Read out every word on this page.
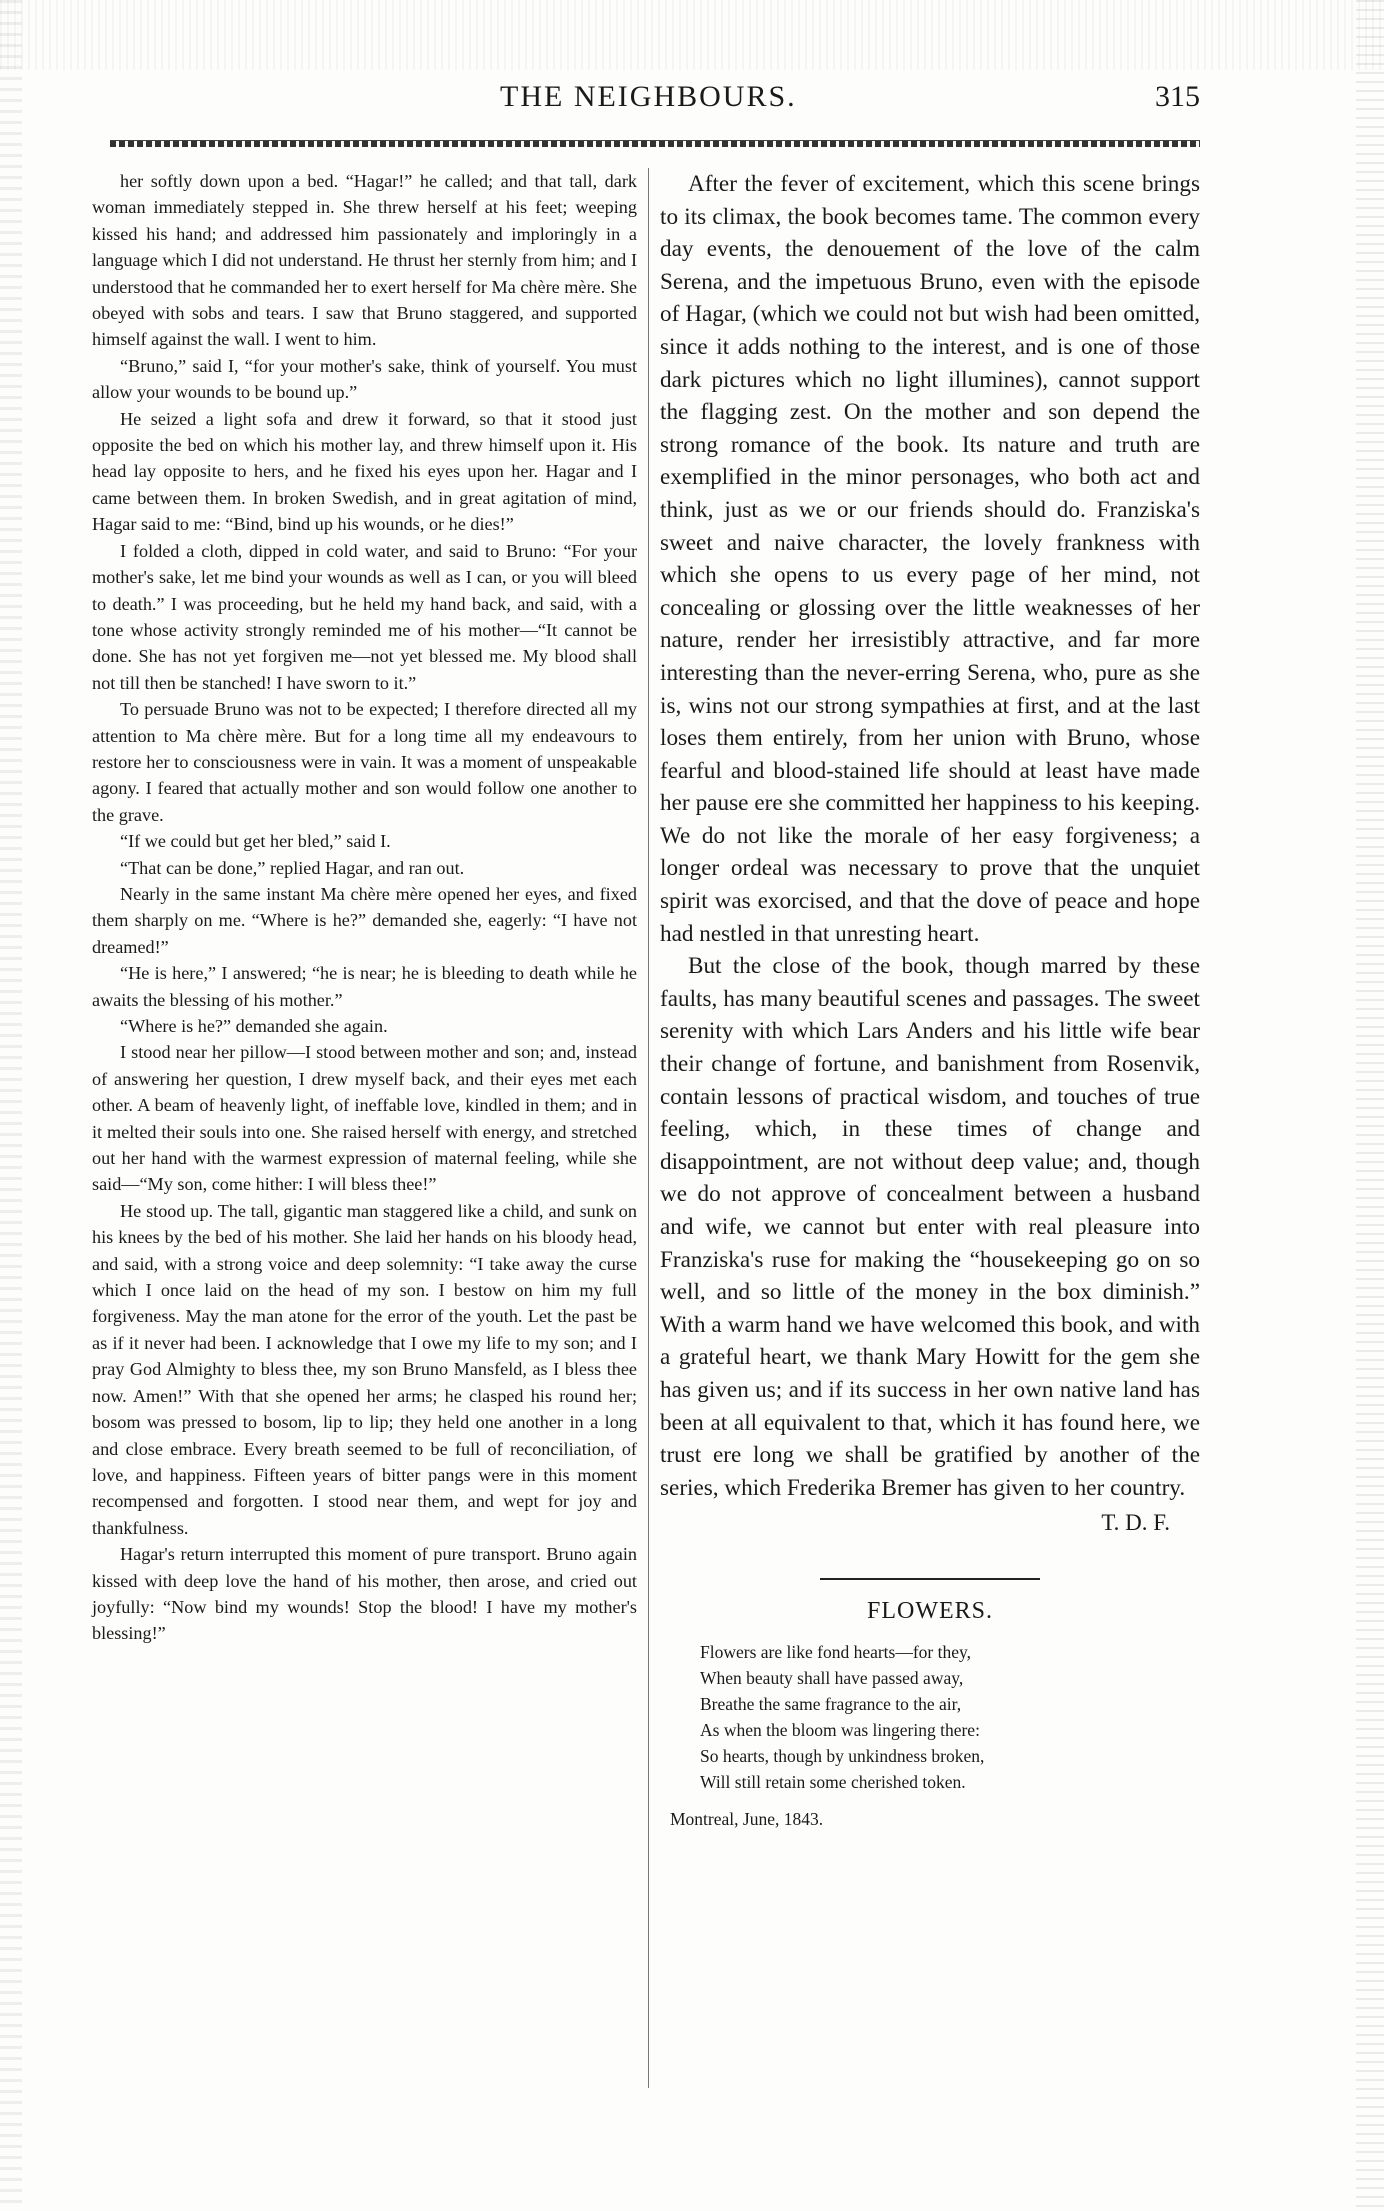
THE NEIGHBOURS.	315

her softly down upon a bed. “Hagar!” he called; and that tall, dark woman immediately stepped in. She threw herself at his feet; weeping kissed his hand; and addressed him passionately and imploringly in a language which I did not understand. He thrust her sternly from him; and I understood that he commanded her to exert herself for Ma chère mère. She obeyed with sobs and tears. I saw that Bruno staggered, and supported himself against the wall. I went to him.

“Bruno,” said I, “for your mother's sake, think of yourself. You must allow your wounds to be bound up.”

He seized a light sofa and drew it forward, so that it stood just opposite the bed on which his mother lay, and threw himself upon it. His head lay opposite to hers, and he fixed his eyes upon her. Hagar and I came between them. In broken Swedish, and in great agitation of mind, Hagar said to me: “Bind, bind up his wounds, or he dies!”

I folded a cloth, dipped in cold water, and said to Bruno: “For your mother's sake, let me bind your wounds as well as I can, or you will bleed to death.” I was proceeding, but he held my hand back, and said, with a tone whose activity strongly reminded me of his mother—“It cannot be done. She has not yet forgiven me—not yet blessed me. My blood shall not till then be stanched! I have sworn to it.”

To persuade Bruno was not to be expected; I therefore directed all my attention to Ma chère mère. But for a long time all my endeavours to restore her to consciousness were in vain. It was a moment of unspeakable agony. I feared that actually mother and son would follow one another to the grave.

“If we could but get her bled,” said I.

“That can be done,” replied Hagar, and ran out.

Nearly in the same instant Ma chère mère opened her eyes, and fixed them sharply on me. “Where is he?” demanded she, eagerly: “I have not dreamed!”

“He is here,” I answered; “he is near; he is bleeding to death while he awaits the blessing of his mother.”

“Where is he?” demanded she again.

I stood near her pillow—I stood between mother and son; and, instead of answering her question, I drew myself back, and their eyes met each other. A beam of heavenly light, of ineffable love, kindled in them; and in it melted their souls into one. She raised herself with energy, and stretched out her hand with the warmest expression of maternal feeling, while she said—“My son, come hither: I will bless thee!”

He stood up. The tall, gigantic man staggered like a child, and sunk on his knees by the bed of his mother. She laid her hands on his bloody head, and said, with a strong voice and deep solemnity: “I take away the curse which I once laid on the head of my son. I bestow on him my full forgiveness. May the man atone for the error of the youth. Let the past be as if it never had been. I acknowledge that I owe my life to my son; and I pray God Almighty to bless thee, my son Bruno Mansfeld, as I bless thee now. Amen!” With that she opened her arms; he clasped his round her; bosom was pressed to bosom, lip to lip; they held one another in a long and close embrace. Every breath seemed to be full of reconciliation, of love, and happiness. Fifteen years of bitter pangs were in this moment recompensed and forgotten. I stood near them, and wept for joy and thankfulness.

Hagar's return interrupted this moment of pure transport. Bruno again kissed with deep love the hand of his mother, then arose, and cried out joyfully: “Now bind my wounds! Stop the blood! I have my mother's blessing!”

After the fever of excitement, which this scene brings to its climax, the book becomes tame. The common every day events, the denouement of the love of the calm Serena, and the impetuous Bruno, even with the episode of Hagar, (which we could not but wish had been omitted, since it adds nothing to the interest, and is one of those dark pictures which no light illumines), cannot support the flagging zest. On the mother and son depend the strong romance of the book. Its nature and truth are exemplified in the minor personages, who both act and think, just as we or our friends should do. Franziska's sweet and naive character, the lovely frankness with which she opens to us every page of her mind, not concealing or glossing over the little weaknesses of her nature, render her irresistibly attractive, and far more interesting than the never-erring Serena, who, pure as she is, wins not our strong sympathies at first, and at the last loses them entirely, from her union with Bruno, whose fearful and blood-stained life should at least have made her pause ere she committed her happiness to his keeping. We do not like the morale of her easy forgiveness; a longer ordeal was necessary to prove that the unquiet spirit was exorcised, and that the dove of peace and hope had nestled in that unresting heart.

But the close of the book, though marred by these faults, has many beautiful scenes and passages. The sweet serenity with which Lars Anders and his little wife bear their change of fortune, and banishment from Rosenvik, contain lessons of practical wisdom, and touches of true feeling, which, in these times of change and disappointment, are not without deep value; and, though we do not approve of concealment between a husband and wife, we cannot but enter with real pleasure into Franziska's ruse for making the “housekeeping go on so well, and so little of the money in the box diminish.” With a warm hand we have welcomed this book, and with a grateful heart, we thank Mary Howitt for the gem she has given us; and if its success in her own native land has been at all equivalent to that, which it has found here, we trust ere long we shall be gratified by another of the series, which Frederika Bremer has given to her country.

T. D. F.
FLOWERS.
Flowers are like fond hearts—for they,
When beauty shall have passed away,
Breathe the same fragrance to the air,
As when the bloom was lingering there:
So hearts, though by unkindness broken,
Will still retain some cherished token.
Montreal, June, 1843.
